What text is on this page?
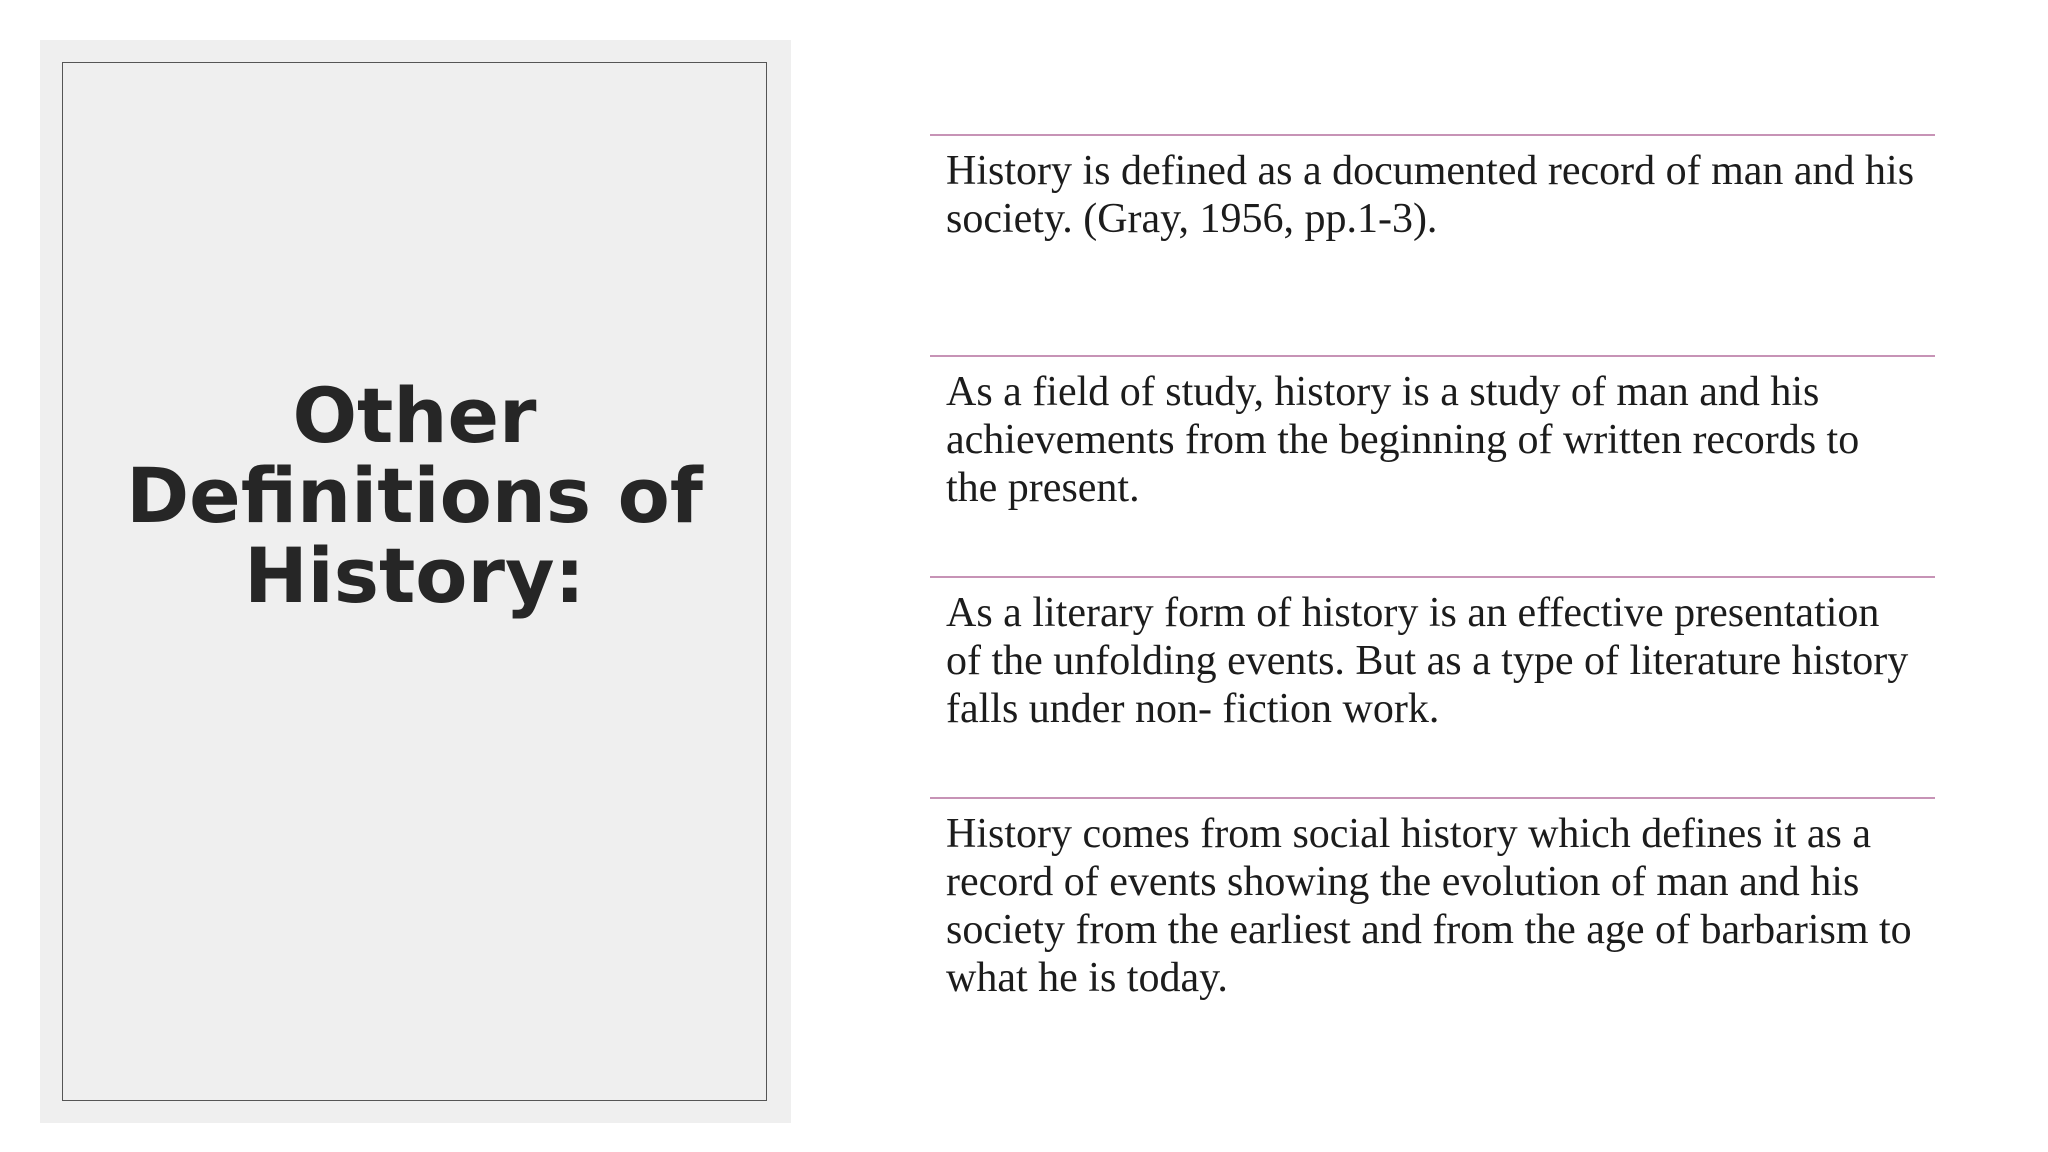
Other Definitions of History:

History is defined as a documented record of man and his society. (Gray, 1956, pp.1-3).

As a field of study, history is a study of man and his achievements from the beginning of written records to the present.

As a literary form of history is an effective presentation of the unfolding events. But as a type of literature history falls under non- fiction work.

History comes from social history which defines it as a record of events showing the evolution of man and his society from the earliest and from the age of barbarism to what he is today.
